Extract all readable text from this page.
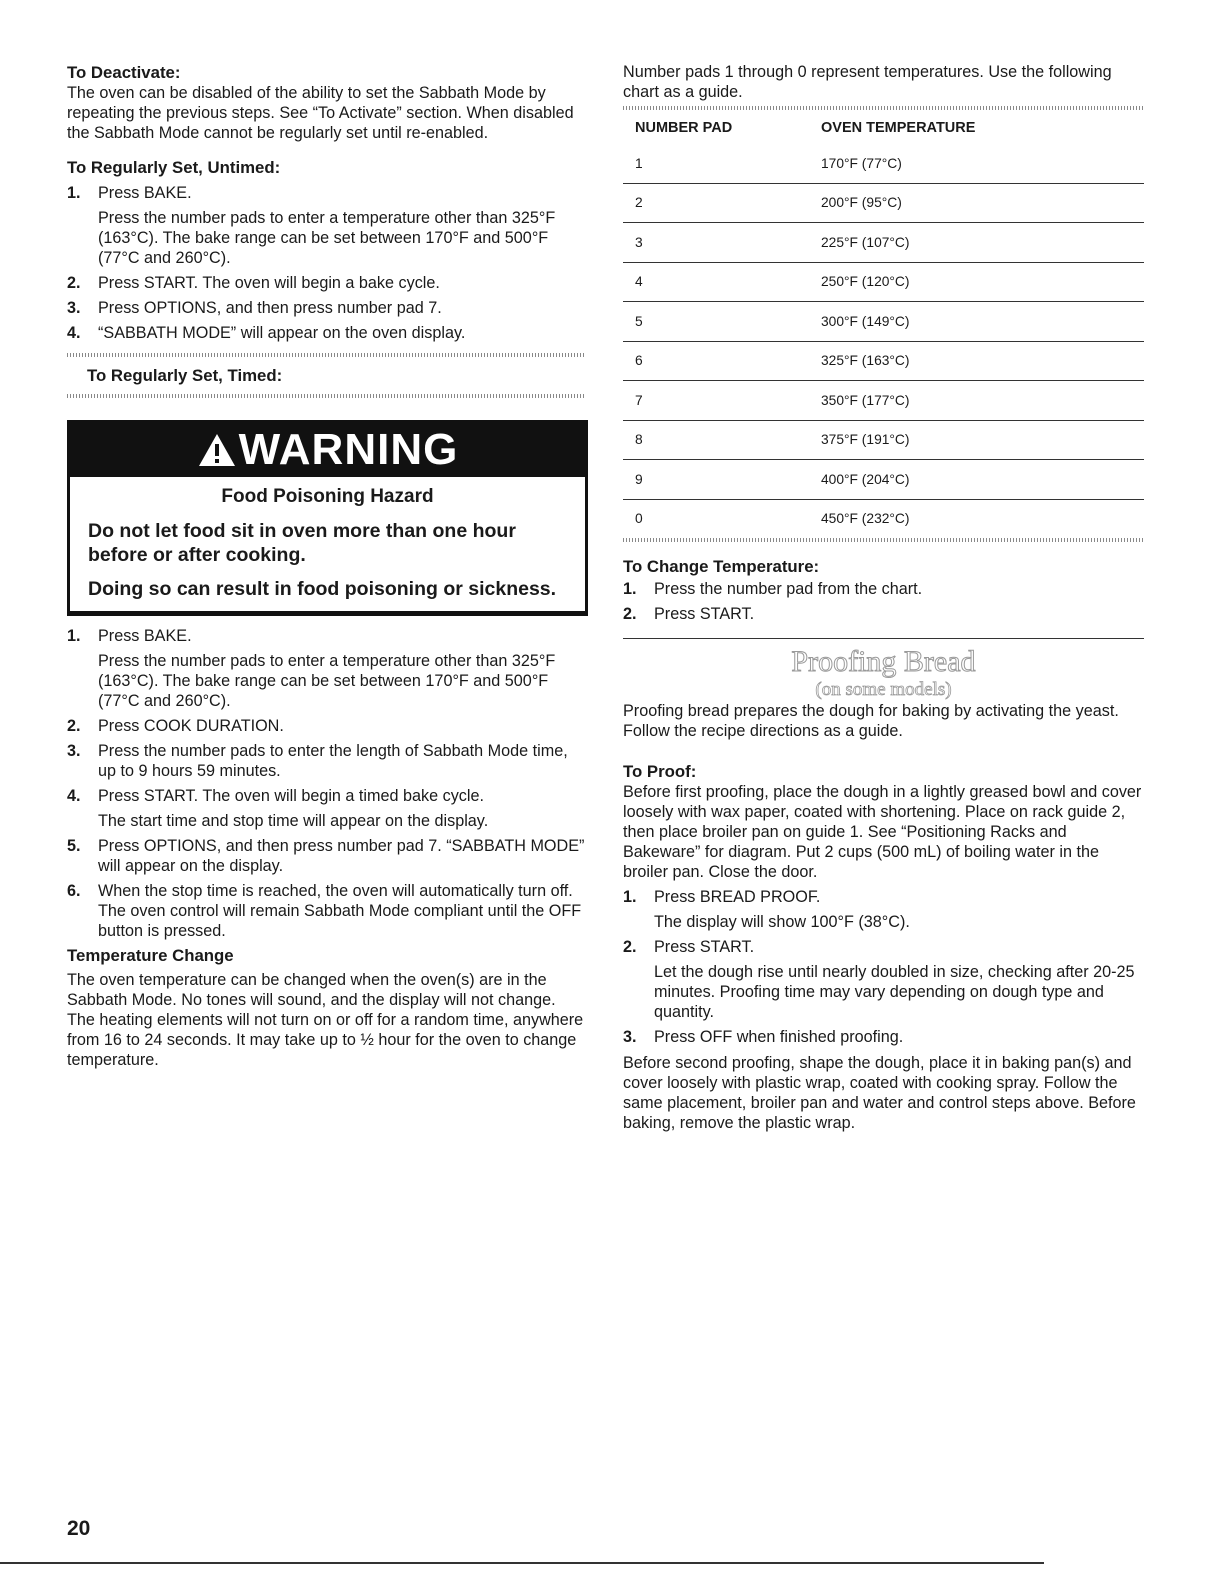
To Deactivate:

The oven can be disabled of the ability to set the Sabbath Mode by repeating the previous steps. See “To Activate” section. When disabled the Sabbath Mode cannot be regularly set until re-enabled.

To Regularly Set, Untimed:

1. Press BAKE.
Press the number pads to enter a temperature other than 325°F (163°C). The bake range can be set between 170°F and 500°F (77°C and 260°C).
2. Press START. The oven will begin a bake cycle.
3. Press OPTIONS, and then press number pad 7.
4. “SABBATH MODE” will appear on the oven display.

To Regularly Set, Timed:

WARNING
Food Poisoning Hazard
Do not let food sit in oven more than one hour before or after cooking.
Doing so can result in food poisoning or sickness.
1. Press BAKE.
Press the number pads to enter a temperature other than 325°F (163°C). The bake range can be set between 170°F and 500°F (77°C and 260°C).
2. Press COOK DURATION.
3. Press the number pads to enter the length of Sabbath Mode time, up to 9 hours 59 minutes.
4. Press START. The oven will begin a timed bake cycle.
The start time and stop time will appear on the display.
5. Press OPTIONS, and then press number pad 7. “SABBATH MODE” will appear on the display.
6. When the stop time is reached, the oven will automatically turn off. The oven control will remain Sabbath Mode compliant until the OFF button is pressed.

Temperature Change

The oven temperature can be changed when the oven(s) are in the Sabbath Mode. No tones will sound, and the display will not change. The heating elements will not turn on or off for a random time, anywhere from 16 to 24 seconds. It may take up to ½ hour for the oven to change temperature.

Number pads 1 through 0 represent temperatures. Use the following chart as a guide.

NUMBER PAD	OVEN TEMPERATURE
1	170°F (77°C)
2	200°F (95°C)
3	225°F (107°C)
4	250°F (120°C)
5	300°F (149°C)
6	325°F (163°C)
7	350°F (177°C)
8	375°F (191°C)
9	400°F (204°C)
0	450°F (232°C)

To Change Temperature:

1. Press the number pad from the chart.
2. Press START.
Proofing Bread
(on some models)

Proofing bread prepares the dough for baking by activating the yeast. Follow the recipe directions as a guide.

To Proof:

Before first proofing, place the dough in a lightly greased bowl and cover loosely with wax paper, coated with shortening. Place on rack guide 2, then place broiler pan on guide 1. See “Positioning Racks and Bakeware” for diagram. Put 2 cups (500 mL) of boiling water in the broiler pan. Close the door.

1. Press BREAD PROOF.
The display will show 100°F (38°C).
2. Press START.
Let the dough rise until nearly doubled in size, checking after 20-25 minutes. Proofing time may vary depending on dough type and quantity.
3. Press OFF when finished proofing.

Before second proofing, shape the dough, place it in baking pan(s) and cover loosely with plastic wrap, coated with cooking spray. Follow the same placement, broiler pan and water and control steps above. Before baking, remove the plastic wrap.

20
